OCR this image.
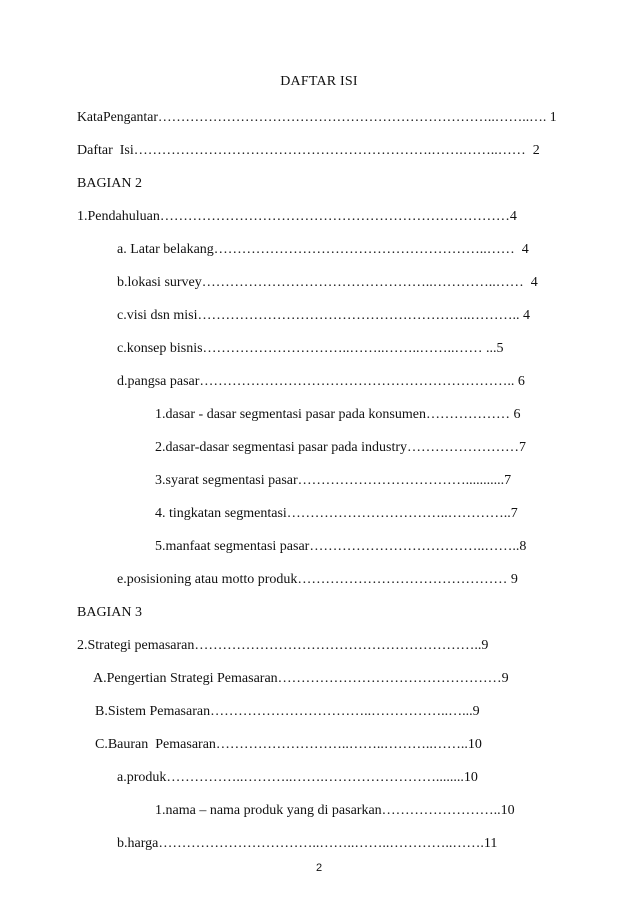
DAFTAR ISI
KataPengantar………………………………………………………………..……..…. 1
Daftar  Isi……………………………………………………….…….……..……  2
BAGIAN 2
1.Pendahuluan…………………………………………………………………4
a. Latar belakang…………………………………………………..……  4
b.lokasi survey…………………………………………..…………..……  4
c.visi dsn misi…………………………………………………..……….. 4
c.konsep bisnis…………………………..……..……..……..…… ...5
d.pangsa pasar………………………………………………………….. 6
1.dasar - dasar segmentasi pasar pada konsumen……………… 6
2.dasar-dasar segmentasi pasar pada industry……………………7
3.syarat segmentasi pasar………………………………...........7
4. tingkatan segmentasi……………………………..…………..7
5.manfaat segmentasi pasar………………………………..……..8
e.posisioning atau motto produk……………………………………… 9
BAGIAN 3
2.Strategi pemasaran……………………………………………………..9
A.Pengertian Strategi Pemasaran…………………………………………9
B.Sistem Pemasaran……………………………..……………..…...9
C.Bauran  Pemasaran………………………..……..………..……..10
a.produk……………..………..…….……………………........10
1.nama – nama produk yang di pasarkan……………………..10
b.harga……………………………..……..……..…………..…….11
2
